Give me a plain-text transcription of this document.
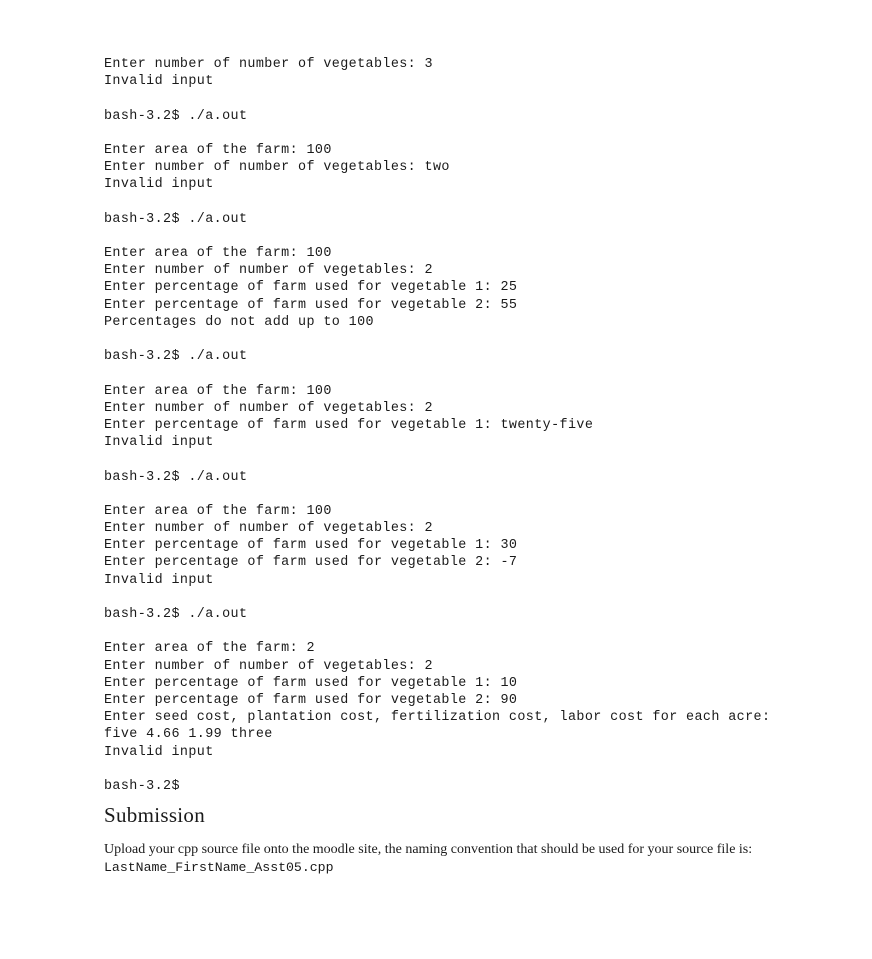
Enter number of number of vegetables: 3
Invalid input
bash-3.2$ ./a.out
Enter area of the farm: 100
Enter number of number of vegetables: two
Invalid input
bash-3.2$ ./a.out
Enter area of the farm: 100
Enter number of number of vegetables: 2
Enter percentage of farm used for vegetable 1: 25
Enter percentage of farm used for vegetable 2: 55
Percentages do not add up to 100
bash-3.2$ ./a.out
Enter area of the farm: 100
Enter number of number of vegetables: 2
Enter percentage of farm used for vegetable 1: twenty-five
Invalid input
bash-3.2$ ./a.out
Enter area of the farm: 100
Enter number of number of vegetables: 2
Enter percentage of farm used for vegetable 1: 30
Enter percentage of farm used for vegetable 2: -7
Invalid input
bash-3.2$ ./a.out
Enter area of the farm: 2
Enter number of number of vegetables: 2
Enter percentage of farm used for vegetable 1: 10
Enter percentage of farm used for vegetable 2: 90
Enter seed cost, plantation cost, fertilization cost, labor cost for each acre:
five 4.66 1.99 three
Invalid input
bash-3.2$
Submission

Upload your cpp source file onto the moodle site, the naming convention that should be used for your source file is: LastName_FirstName_Asst05.cpp
